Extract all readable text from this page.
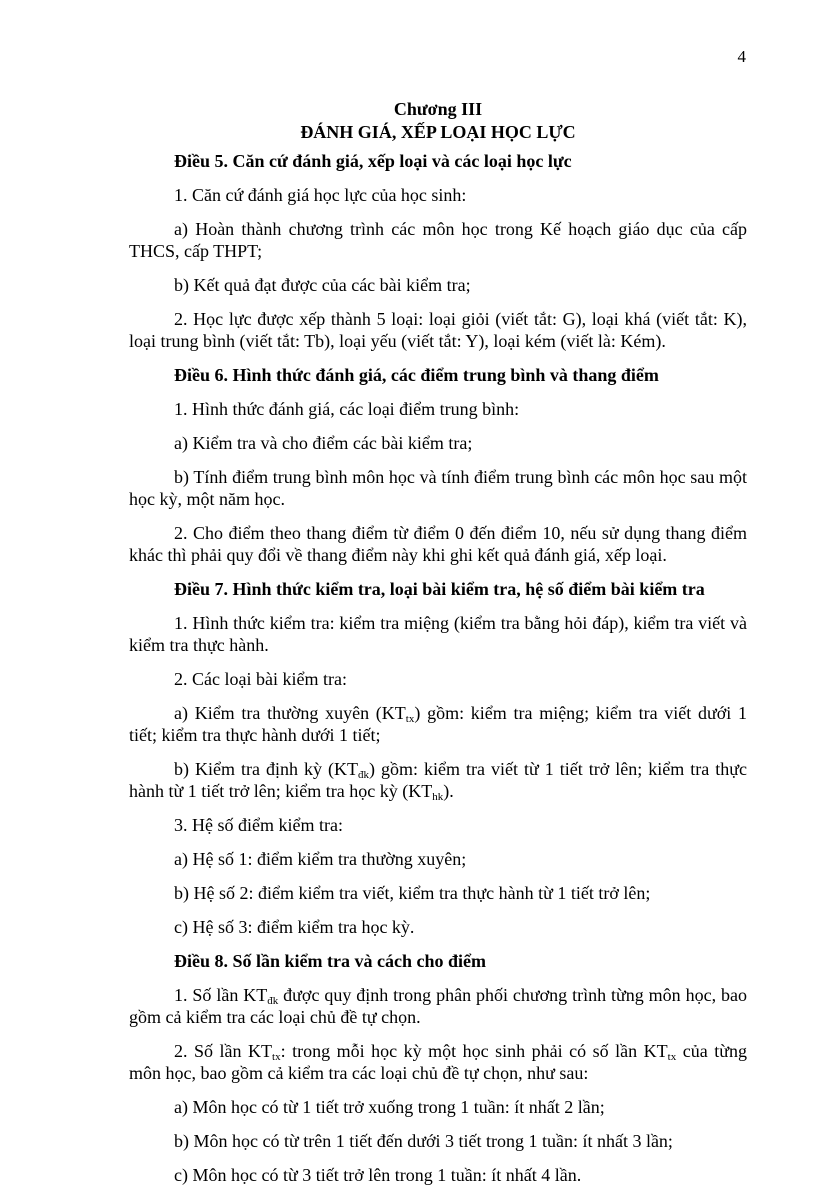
4
Chương III
ĐÁNH GIÁ, XẾP LOẠI HỌC LỰC

Điều 5. Căn cứ đánh giá, xếp loại và các loại học lực

1. Căn cứ đánh giá học lực của học sinh:

a) Hoàn thành chương trình các môn học trong Kế hoạch giáo dục của cấp THCS, cấp THPT;

b) Kết quả đạt được của các bài kiểm tra;

2. Học lực được xếp thành 5 loại: loại giỏi (viết tắt: G), loại khá (viết tắt: K), loại trung bình (viết tắt: Tb), loại yếu (viết tắt: Y), loại kém (viết là: Kém).

Điều 6. Hình thức đánh giá, các điểm trung bình và thang điểm

1. Hình thức đánh giá, các loại điểm trung bình:

a) Kiểm tra và cho điểm các bài kiểm tra;

b) Tính điểm trung bình môn học và tính điểm trung bình các môn học sau một học kỳ, một năm học.

2. Cho điểm theo thang điểm từ điểm 0 đến điểm 10, nếu sử dụng thang điểm khác thì phải quy đổi về thang điểm này khi ghi kết quả đánh giá, xếp loại.

Điều 7. Hình thức kiểm tra, loại bài kiểm tra, hệ số điểm bài kiểm tra

1. Hình thức kiểm tra: kiểm tra miệng (kiểm tra bằng hỏi đáp), kiểm tra viết và kiểm tra thực hành.

2. Các loại bài kiểm tra:

a) Kiểm tra thường xuyên $(KT_{tx})$ gồm: kiểm tra miệng; kiểm tra viết dưới 1 tiết; kiểm tra thực hành dưới 1 tiết;

b) Kiểm tra định kỳ $(KT_{đk})$ gồm: kiểm tra viết từ 1 tiết trở lên; kiểm tra thực hành từ 1 tiết trở lên; kiểm tra học kỳ $(KT_{hk})$.

3. Hệ số điểm kiểm tra:

a) Hệ số 1: điểm kiểm tra thường xuyên;

b) Hệ số 2: điểm kiểm tra viết, kiểm tra thực hành từ 1 tiết trở lên;

c) Hệ số 3: điểm kiểm tra học kỳ.

Điều 8. Số lần kiểm tra và cách cho điểm

1. Số lần $KT_{đk}$ được quy định trong phân phối chương trình từng môn học, bao gồm cả kiểm tra các loại chủ đề tự chọn.

2. Số lần $KT_{tx}$: trong mỗi học kỳ một học sinh phải có số lần $KT_{tx}$ của từng môn học, bao gồm cả kiểm tra các loại chủ đề tự chọn, như sau:

a) Môn học có từ 1 tiết trở xuống trong 1 tuần: ít nhất 2 lần;

b) Môn học có từ trên 1 tiết đến dưới 3 tiết trong 1 tuần: ít nhất 3 lần;

c) Môn học có từ 3 tiết trở lên trong 1 tuần: ít nhất 4 lần.
